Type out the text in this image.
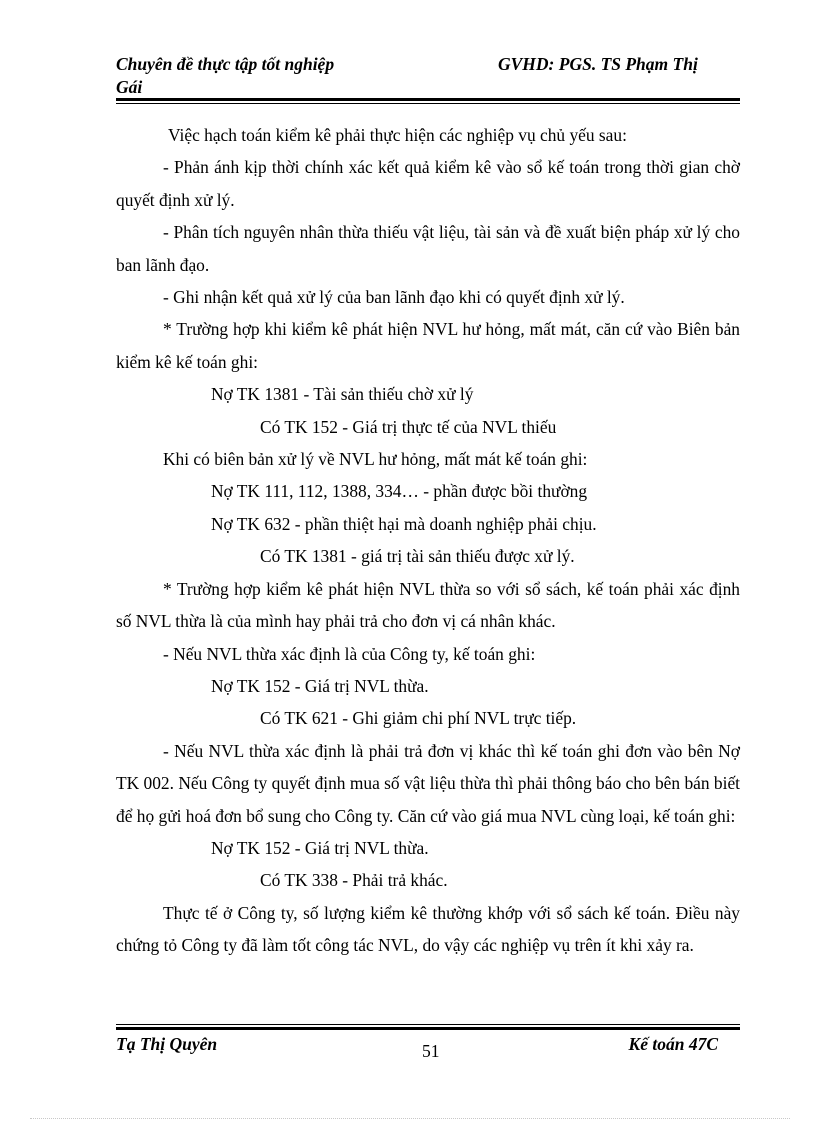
Chuyên đề thực tập tốt nghiệp	GVHD: PGS. TS Phạm Thị
Gái

Việc hạch toán kiểm kê phải thực hiện các nghiệp vụ chủ yếu sau:

- Phản ánh kịp thời chính xác kết quả kiểm kê vào sổ kế toán trong thời gian chờ quyết định xử lý.

- Phân tích nguyên nhân thừa thiếu vật liệu, tài sản và đề xuất biện pháp xử lý cho ban lãnh đạo.

- Ghi nhận kết quả xử lý của ban lãnh đạo khi có quyết định xử lý.

* Trường hợp khi kiểm kê phát hiện NVL hư hỏng, mất mát, căn cứ vào Biên bản kiểm kê kế toán ghi:

Nợ TK 1381 - Tài sản thiếu chờ xử lý

Có TK 152 - Giá trị thực tế của NVL thiếu

Khi có biên bản xử lý về NVL hư hỏng, mất mát kế toán ghi:

Nợ TK 111, 112, 1388, 334… - phần được bồi thường

Nợ TK 632 - phần thiệt hại mà doanh nghiệp phải chịu.

Có TK 1381 - giá trị tài sản thiếu được xử lý.

* Trường hợp kiểm kê phát hiện NVL thừa so với sổ sách, kế toán phải xác định số NVL thừa là của mình hay phải trả cho đơn vị cá nhân khác.

- Nếu NVL thừa xác định là của Công ty, kế toán ghi:

Nợ TK 152 - Giá trị NVL thừa.

Có TK 621 - Ghi giảm chi phí NVL trực tiếp.

- Nếu NVL thừa xác định là phải trả đơn vị khác thì kế toán ghi đơn vào bên Nợ TK 002. Nếu Công ty quyết định mua số vật liệu thừa thì phải thông báo cho bên bán biết để họ gửi hoá đơn bổ sung cho Công ty. Căn cứ vào giá mua NVL cùng loại, kế toán ghi:

Nợ TK 152 - Giá trị NVL thừa.

Có TK 338 - Phải trả khác.

Thực tế ở Công ty, số lượng kiểm kê thường khớp với sổ sách kế toán. Điều này chứng tỏ Công ty đã làm tốt công tác NVL, do vậy các nghiệp vụ trên ít khi xảy ra.

Tạ Thị Quyên	51	Kế toán 47C
